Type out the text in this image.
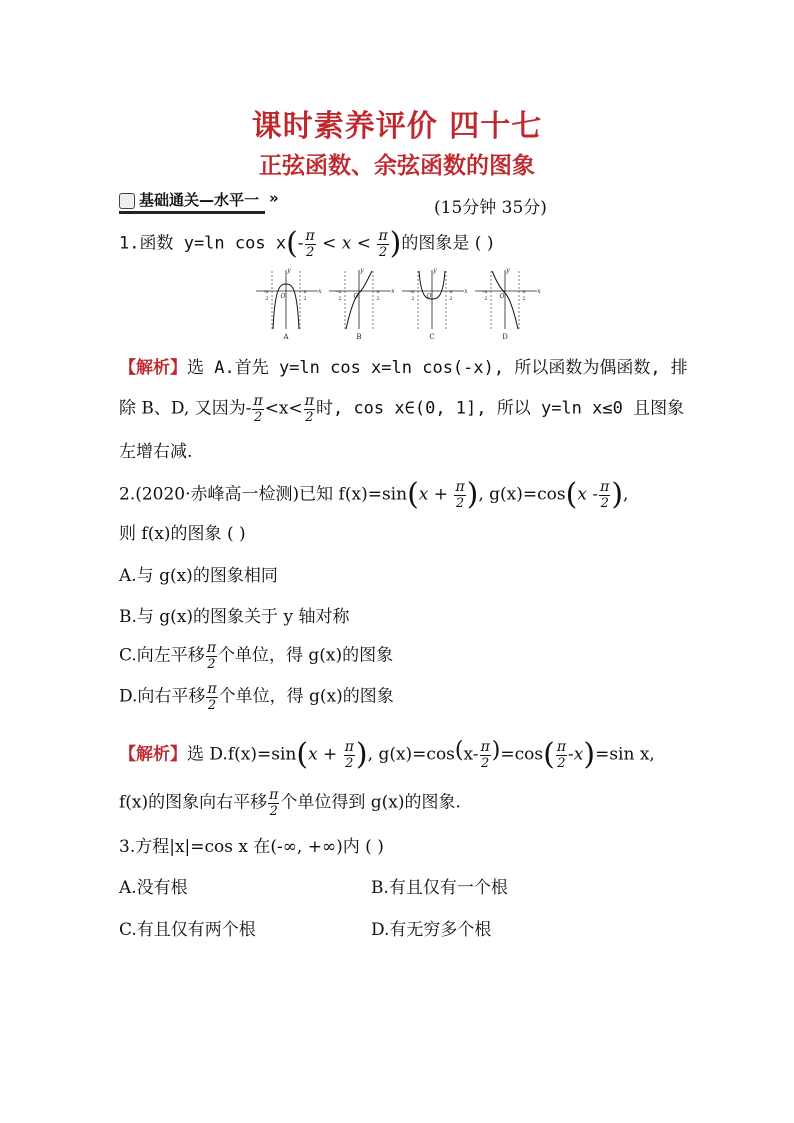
课时素养评价 四十七
正弦函数、余弦函数的图象
基础通关—水平一 »	(15分钟 35分)
1.函数 y=ln $\cos x(- \frac{\pi}{2} < x < \frac{\pi}{2}$ )的图象是 ( )
x
y
O
-π
2
π
2
A
x
y
O
-π
2
π
2
B
x
y
O
-π
2
π
2
C
x
y
O
-π
2
π
2
D
【解析】选 A.首先 y=ln cos x=ln cos(-x), 所以函数为偶函数, 排
除 B、D, 又因为- $\frac{\pi}{2} <x< \frac{\pi}{2}$ 时, cos x∈(0, 1], 所以 y=ln x≤0 且图象
左增右减.
2.(2020·赤峰高一检测)已知 $f(x)=\sin(x + \frac{\pi}{2}$ ), $g(x)=\cos(x - \frac{\pi}{2}$ ),
则 f(x)的图象 ( )
A.与 g(x)的图象相同
B.与 g(x)的图象关于 y 轴对称
C.向左平移 $\frac{\pi}{2}$ 个单位，得 g(x)的图象
D.向右平移 $\frac{\pi}{2}$ 个单位，得 g(x)的图象
【解析】选 $D.f(x)=\sin(x + \frac{\pi}{2}$ ), $g(x)=\cos(x- \frac{\pi}{2} )=\cos( \frac{\pi}{2} -x)=\sin$ x,
f(x)的图象向右平移 $\frac{\pi}{2}$ 个单位得到 g(x)的图象.
3.方程|x|=cos x 在(-∞, +∞)内 ( )
A.没有根	B.有且仅有一个根
C.有且仅有两个根	D.有无穷多个根
